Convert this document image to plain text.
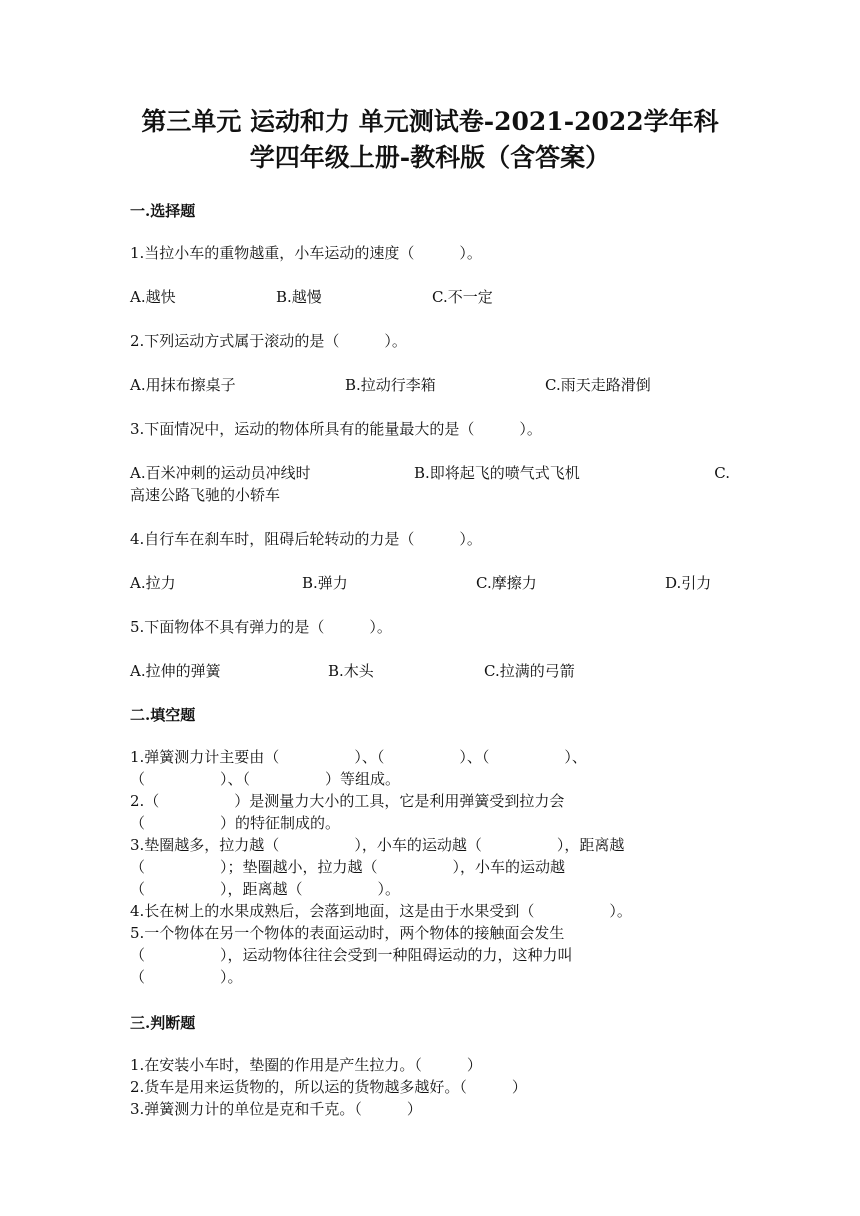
第三单元 运动和力 单元测试卷-2021-2022学年科
学四年级上册-教科版（含答案）
一.选择题
1.当拉小车的重物越重，小车运动的速度（　　　）。
A.越快	B.越慢	C.不一定
2.下列运动方式属于滚动的是（　　　）。
A.用抹布擦桌子	B.拉动行李箱	C.雨天走路滑倒
3.下面情况中，运动的物体所具有的能量最大的是（　　　）。
A.百米冲刺的运动员冲线时	B.即将起飞的喷气式飞机	C.
高速公路飞驰的小轿车
4.自行车在刹车时，阻碍后轮转动的力是（　　　）。
A.拉力	B.弹力	C.摩擦力	D.引力
5.下面物体不具有弹力的是（　　　）。
A.拉伸的弹簧	B.木头	C.拉满的弓箭
二.填空题
1.弹簧测力计主要由（　　　　　）、（　　　　　）、（　　　　　）、
（　　　　　）、（　　　　　）等组成。
2.（　　　　　）是测量力大小的工具，它是利用弹簧受到拉力会
（　　　　　）的特征制成的。
3.垫圈越多，拉力越（　　　　　），小车的运动越（　　　　　），距离越
（　　　　　）；垫圈越小，拉力越（　　　　　），小车的运动越
（　　　　　），距离越（　　　　　）。
4.长在树上的水果成熟后，会落到地面，这是由于水果受到（　　　　　）。
5.一个物体在另一个物体的表面运动时，两个物体的接触面会发生
（　　　　　），运动物体往往会受到一种阻碍运动的力，这种力叫
（　　　　　）。
三.判断题
1.在安装小车时，垫圈的作用是产生拉力。（　　　）
2.货车是用来运货物的，所以运的货物越多越好。（　　　）
3.弹簧测力计的单位是克和千克。（　　　）
